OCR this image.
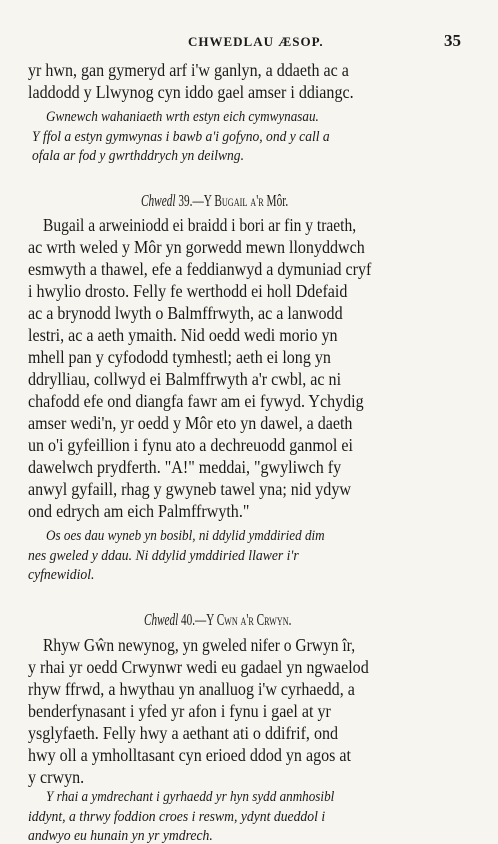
CHWEDLAU ÆSOP.	35
yr hwn, gan gymeryd arf i'w ganlyn, a ddaeth ac a
laddodd y Llwynog cyn iddo gael amser i ddiangc.
Gwnewch wahaniaeth wrth estyn eich cymwynasau.
Y ffol a estyn gymwynas i bawb a'i gofyno, ond y call a
ofala ar fod y gwrthddrych yn deilwng.
Chwedl 39.—Y Bugail a'r Môr.
Bugail a arweiniodd ei braidd i bori ar fin y traeth,
ac wrth weled y Môr yn gorwedd mewn llonyddwch
esmwyth a thawel, efe a feddianwyd a dymuniad cryf
i hwylio drosto. Felly fe werthodd ei holl Ddefaid
ac a brynodd lwyth o Balmffrwyth, ac a lanwodd
lestri, ac a aeth ymaith. Nid oedd wedi morio yn
mhell pan y cyfododd tymhestl; aeth ei long yn
ddrylliau, collwyd ei Balmffrwyth a'r cwbl, ac ni
chafodd efe ond diangfa fawr am ei fywyd. Ychydig
amser wedi'n, yr oedd y Môr eto yn dawel, a daeth
un o'i gyfeillion i fynu ato a dechreuodd ganmol ei
dawelwch prydferth. "A!" meddai, "gwyliwch fy
anwyl gyfaill, rhag y gwyneb tawel yna; nid ydyw
ond edrych am eich Palmffrwyth."
Os oes dau wyneb yn bosibl, ni ddylid ymddiried dim
nes gweled y ddau. Ni ddylid ymddiried llawer i'r
cyfnewidiol.
Chwedl 40.—Y Cwn a'r Crwyn.
Rhyw Gŵn newynog, yn gweled nifer o Grwyn îr,
y rhai yr oedd Crwynwr wedi eu gadael yn ngwaelod
rhyw ffrwd, a hwythau yn analluog i'w cyrhaedd, a
benderfynasant i yfed yr afon i fynu i gael at yr
ysglyfaeth. Felly hwy a aethant ati o ddifrif, ond
hwy oll a ymholltasant cyn erioed ddod yn agos at
y crwyn.
Y rhai a ymdrechant i gyrhaedd yr hyn sydd anmhosibl
iddynt, a thrwy foddion croes i reswm, ydynt dueddol i
andwyo eu hunain yn yr ymdrech.
